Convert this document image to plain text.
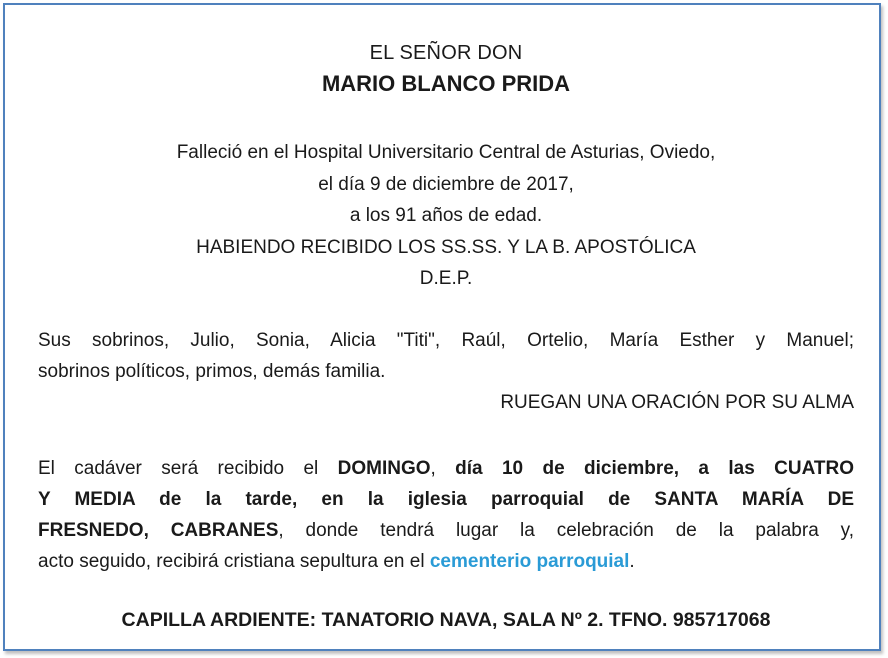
EL SEÑOR DON
MARIO BLANCO PRIDA
Falleció en el Hospital Universitario Central de Asturias, Oviedo,
el día 9 de diciembre de 2017,
a los 91 años de edad.
HABIENDO RECIBIDO LOS SS.SS. Y LA B. APOSTÓLICA
D.E.P.
Sus sobrinos, Julio, Sonia, Alicia "Titi", Raúl, Ortelio, María Esther y Manuel;
sobrinos políticos, primos, demás familia.
RUEGAN UNA ORACIÓN POR SU ALMA
El cadáver será recibido el DOMINGO, día 10 de diciembre, a las CUATRO
Y MEDIA de la tarde, en la iglesia parroquial de SANTA MARÍA DE
FRESNEDO, CABRANES, donde tendrá lugar la celebración de la palabra y,
acto seguido, recibirá cristiana sepultura en el cementerio parroquial.
CAPILLA ARDIENTE: TANATORIO NAVA, SALA Nº 2. TFNO. 985717068
